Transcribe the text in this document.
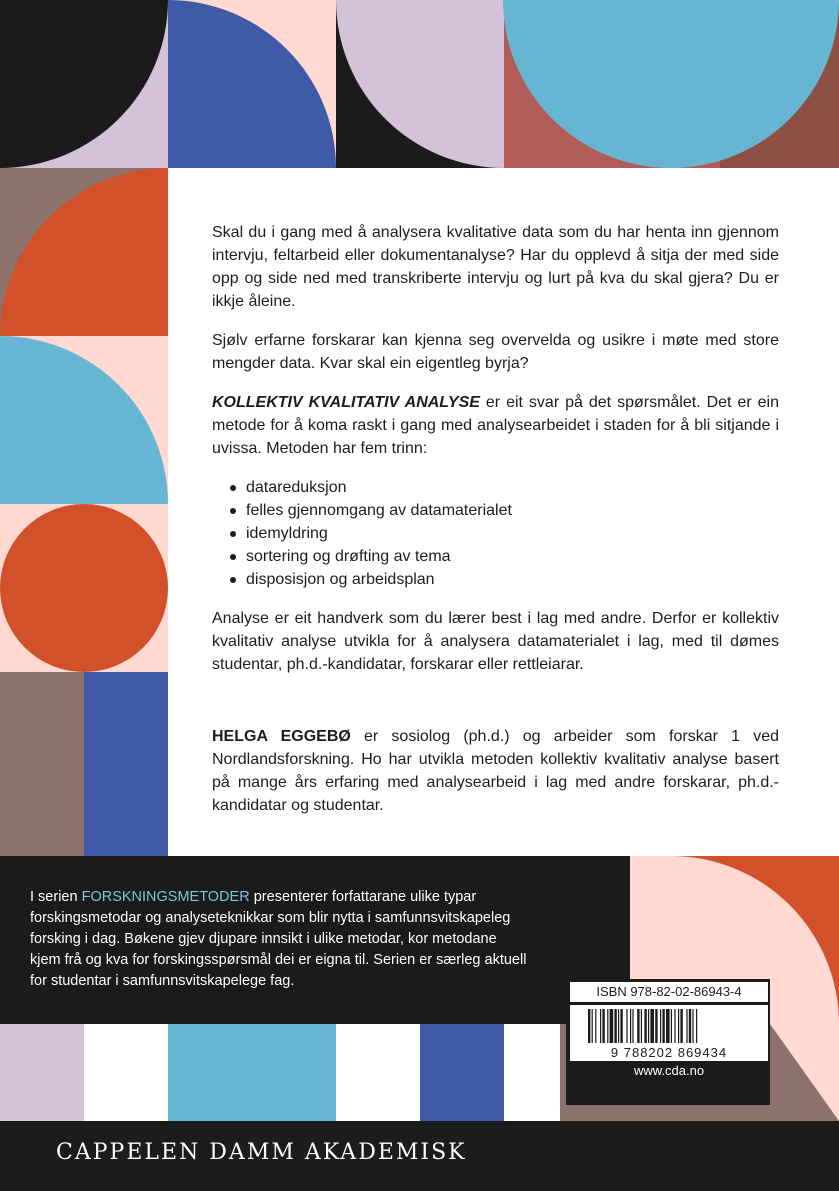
Skal du i gang med å analysera kvalitative data som du har henta inn gjennom intervju, feltarbeid eller dokumentanalyse? Har du opplevd å sitja der med side opp og side ned med transkriberte intervju og lurt på kva du skal gjera? Du er ikkje åleine.

Sjølv erfarne forskarar kan kjenna seg overvelda og usikre i møte med store mengder data. Kvar skal ein eigentleg byrja?

KOLLEKTIV KVALITATIV ANALYSE er eit svar på det spørsmålet. Det er ein metode for å koma raskt i gang med analysearbeidet i staden for å bli sitjande i uvissa. Metoden har fem trinn:

datareduksjon
felles gjennomgang av datamaterialet
idemyldring
sortering og drøfting av tema
disposisjon og arbeidsplan

Analyse er eit handverk som du lærer best i lag med andre. Derfor er kollektiv kvalitativ analyse utvikla for å analysera datamaterialet i lag, med til dømes studentar, ph.d.-kandidatar, forskarar eller rettleiarar.

HELGA EGGEBØ er sosiolog (ph.d.) og arbeider som forskar 1 ved Nordlandsforskning. Ho har utvikla metoden kollektiv kvalitativ analyse basert på mange års erfaring med analysearbeid i lag med andre forskarar, ph.d.-kandidatar og studentar.

I serien FORSKNINGSMETODER presenterer forfattarane ulike typar forskingsmetodar og analyseteknikkar som blir nytta i samfunnsvitskapeleg forsking i dag. Bøkene gjev djupare innsikt i ulike metodar, kor metodane kjem frå og kva for forskingsspørsmål dei er eigna til. Serien er særleg aktuell for studentar i samfunnsvitskapelege fag.
ISBN 978-82-02-86943-4
9 788202 869434
www.cda.no
CAPPELEN DAMM AKADEMISK
